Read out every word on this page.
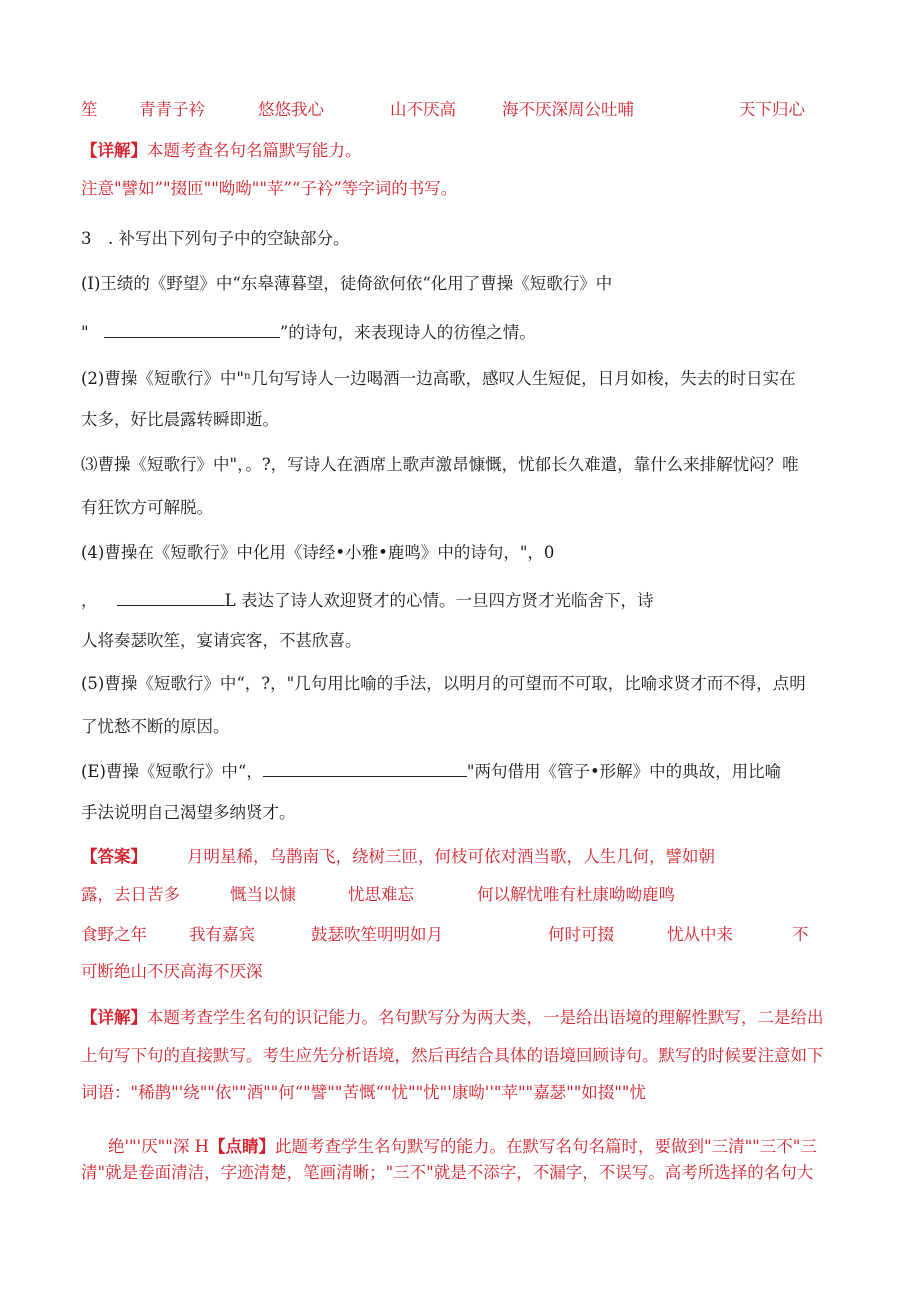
笙	青青子衿	悠悠我心	山不厌高	海不厌深周公吐哺	天下归心
【详解】本题考查名句名篇默写能力。
注意"譬如”"掇匝""呦呦""苹”“子衿”等字词的书写。
3　. 补写出下列句子中的空缺部分。
(I)王绩的《野望》中“东皋薄暮望，徒倚欲何依“化用了曹操《短歌行》中
"	”的诗句，来表现诗人的彷徨之情。
(2)曹操《短歌行》中"ⁿ几句写诗人一边喝酒一边高歌，感叹人生短促，日月如梭，失去的时日实在
太多，好比晨露转瞬即逝。
⑶曹操《短歌行》中"，。?，写诗人在酒席上歌声激昂慷慨，忧郁长久难遣，靠什么来排解忧闷？唯
有狂饮方可解脱。
(4)曹操在《短歌行》中化用《诗经•小雅•鹿鸣》中的诗句，"，0
，	L 表达了诗人欢迎贤才的心情。一旦四方贤才光临舍下，诗
人将奏瑟吹笙，宴请宾客，不甚欣喜。
(5)曹操《短歌行》中“，?，"几句用比喻的手法，以明月的可望而不可取，比喻求贤才而不得，点明
了忧愁不断的原因。
(E)曹操《短歌行》中“，	"两句借用《管子•形解》中的典故，用比喻
手法说明自己渴望多纳贤才。
【答案】 月明星稀，乌鹊南飞，绕树三匝，何枝可依对酒当歌，人生几何，譬如朝
露，去日苦多	慨当以慷	忧思难忘	何以解忧唯有杜康呦呦鹿鸣
食野之年	我有嘉宾	鼓瑟吹笙明明如月	何时可掇	忧从中来	不
可断绝山不厌高海不厌深
【详解】本题考查学生名句的识记能力。名句默写分为两大类，一是给出语境的理解性默写，二是给出
上句写下句的直接默写。考生应先分析语境，然后再结合具体的语境回顾诗句。默写的时候要注意如下
词语："稀鹊"'绕""依""酒""何“"譬""苦慨“"忧""忧"'康呦''"苹""嘉瑟""如掇""忧
绝'"'厌""深 H【点睛】此题考查学生名句默写的能力。在默写名句名篇时，要做到"三清""三不"三
清"就是卷面清洁，字迹清楚，笔画清晰；"三不"就是不添字，不漏字，不误写。高考所选择的名句大
